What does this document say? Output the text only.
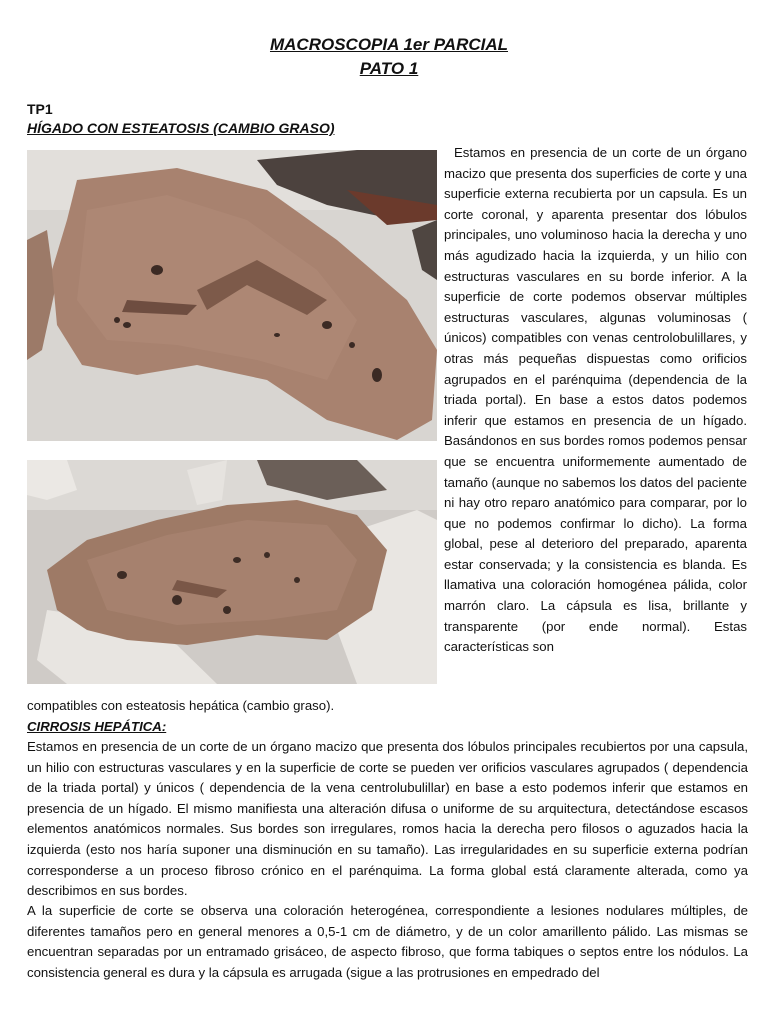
MACROSCOPIA 1er PARCIAL
PATO 1
TP1
HÍGADO CON ESTEATOSIS (CAMBIO GRASO)

Estamos en presencia de un corte de un órgano macizo que presenta dos superficies de corte y una superficie externa recubierta por un capsula. Es un corte coronal, y aparenta presentar dos lóbulos principales, uno voluminoso hacia la derecha y uno más agudizado hacia la izquierda, y un hilio con estructuras vasculares en su borde inferior. A la superficie de corte podemos observar múltiples estructuras vasculares, algunas voluminosas ( únicos) compatibles con venas centrolobulillares, y otras más pequeñas dispuestas como orificios agrupados en el parénquima (dependencia de la triada portal). En base a estos datos podemos inferir que estamos en presencia de un hígado. Basándonos en sus bordes romos podemos pensar que se encuentra uniformemente aumentado de tamaño (aunque no sabemos los datos del paciente ni hay otro reparo anatómico para comparar, por lo que no podemos confirmar lo dicho). La forma global, pese al deterioro del preparado, aparenta estar conservada; y la consistencia es blanda. Es llamativa una coloración homogénea pálida, color marrón claro. La cápsula es lisa, brillante y transparente (por ende normal). Estas características son

compatibles con esteatosis hepática (cambio graso).
CIRROSIS HEPÁTICA:

Estamos en presencia de un corte de un órgano macizo que presenta dos lóbulos principales recubiertos por una capsula, un hilio con estructuras vasculares y en la superficie de corte se pueden ver orificios vasculares agrupados ( dependencia de la triada portal) y únicos ( dependencia de la vena centrolubulillar) en base a esto podemos inferir que estamos en presencia de un hígado. El mismo manifiesta una alteración difusa o uniforme de su arquitectura, detectándose escasos elementos anatómicos normales. Sus bordes son irregulares, romos hacia la derecha pero filosos o aguzados hacia la izquierda (esto nos haría suponer una disminución en su tamaño). Las irregularidades en su superficie externa podrían corresponderse a un proceso fibroso crónico en el parénquima. La forma global está claramente alterada, como ya describimos en sus bordes.

A la superficie de corte se observa una coloración heterogénea, correspondiente a lesiones nodulares múltiples, de diferentes tamaños pero en general menores a 0,5-1 cm de diámetro, y de un color amarillento pálido. Las mismas se encuentran separadas por un entramado grisáceo, de aspecto fibroso, que forma tabiques o septos entre los nódulos. La consistencia general es dura y la cápsula es arrugada (sigue a las protrusiones en empedrado del
